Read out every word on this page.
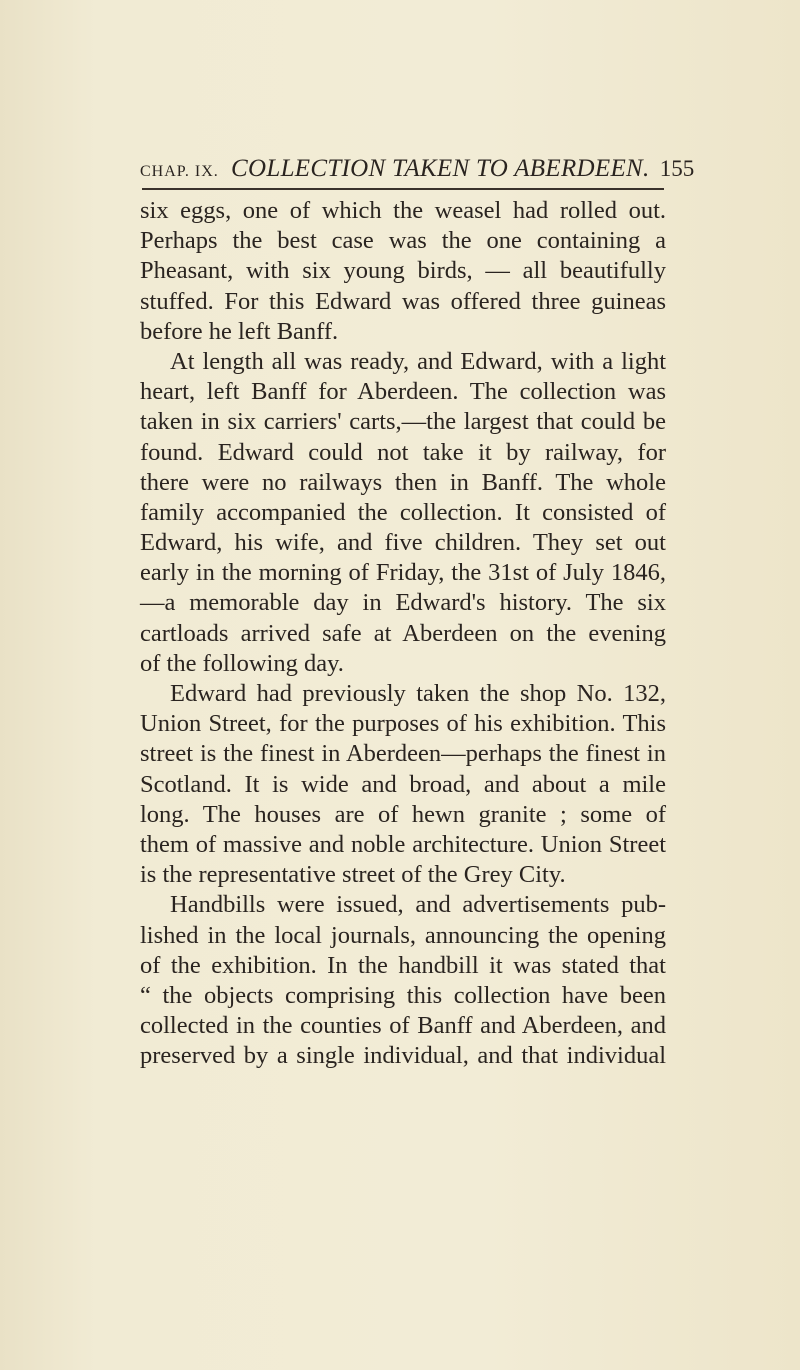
CHAP. IX. COLLECTION TAKEN TO ABERDEEN. 155
six eggs, one of which the weasel had rolled out.
Perhaps the best case was the one containing a
Pheasant, with six young birds, — all beautifully
stuffed. For this Edward was offered three guineas
before he left Banff.
At length all was ready, and Edward, with a light
heart, left Banff for Aberdeen. The collection was
taken in six carriers' carts,—the largest that could be
found. Edward could not take it by railway, for
there were no railways then in Banff. The whole
family accompanied the collection. It consisted of
Edward, his wife, and five children. They set out
early in the morning of Friday, the 31st of July 1846,
—a memorable day in Edward's history. The six
cartloads arrived safe at Aberdeen on the evening
of the following day.
Edward had previously taken the shop No. 132,
Union Street, for the purposes of his exhibition. This
street is the finest in Aberdeen—perhaps the finest in
Scotland. It is wide and broad, and about a mile
long. The houses are of hewn granite ; some of
them of massive and noble architecture. Union Street
is the representative street of the Grey City.
Handbills were issued, and advertisements pub-
lished in the local journals, announcing the opening
of the exhibition. In the handbill it was stated that
“ the objects comprising this collection have been
collected in the counties of Banff and Aberdeen, and
preserved by a single individual, and that individual
